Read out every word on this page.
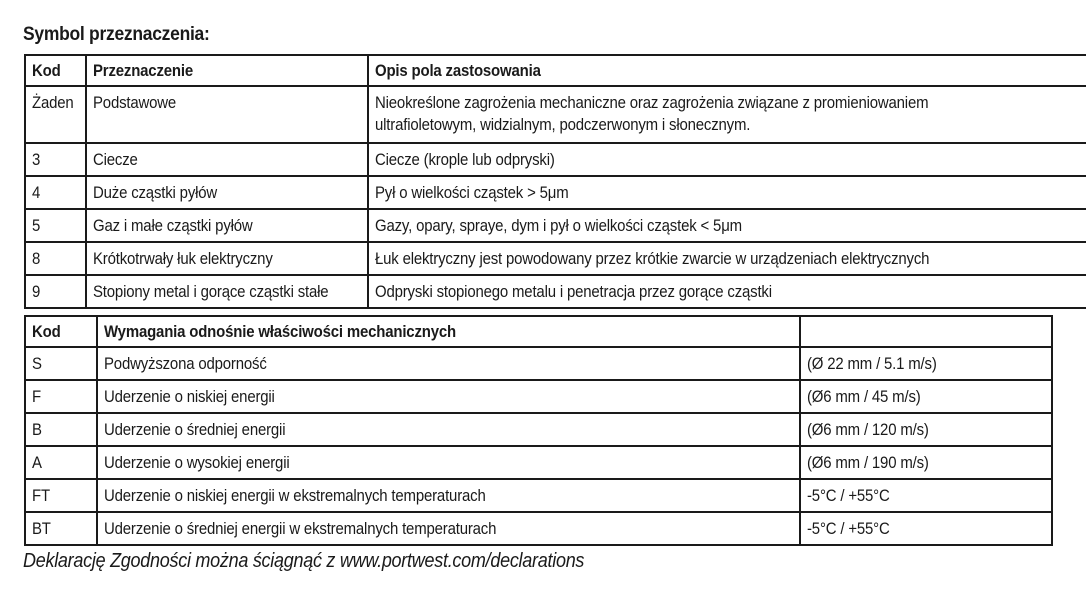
Symbol przeznaczenia:
Kod	Przeznaczenie	Opis pola zastosowania
Żaden	Podstawowe	Nieokreślone zagrożenia mechaniczne oraz zagrożenia związane z promieniowaniem ultrafioletowym, widzialnym, podczerwonym i słonecznym.

3	Ciecze	Ciecze (krople lub odpryski)
4	Duże cząstki pyłów	Pył o wielkości cząstek > 5μm
5	Gaz i małe cząstki pyłów	Gazy, opary, spraye, dym i pył o wielkości cząstek < 5μm
8	Krótkotrwały łuk elektryczny	Łuk elektryczny jest powodowany przez krótkie zwarcie w urządzeniach elektrycznych
9	Stopiony metal i gorące cząstki stałe	Odpryski stopionego metalu i penetracja przez gorące cząstki
Kod	Wymagania odnośnie właściwości mechanicznych	
S	Podwyższona odporność	(Ø 22 mm / 5.1 m/s)
F	Uderzenie o niskiej energii	(Ø6 mm / 45 m/s)
B	Uderzenie o średniej energii	(Ø6 mm / 120 m/s)
A	Uderzenie o wysokiej energii	(Ø6 mm / 190 m/s)
FT	Uderzenie o niskiej energii w ekstremalnych temperaturach	-5°C / +55°C
BT	Uderzenie o średniej energii w ekstremalnych temperaturach	-5°C / +55°C
Deklarację Zgodności można ściągnąć z www.portwest.com/declarations
